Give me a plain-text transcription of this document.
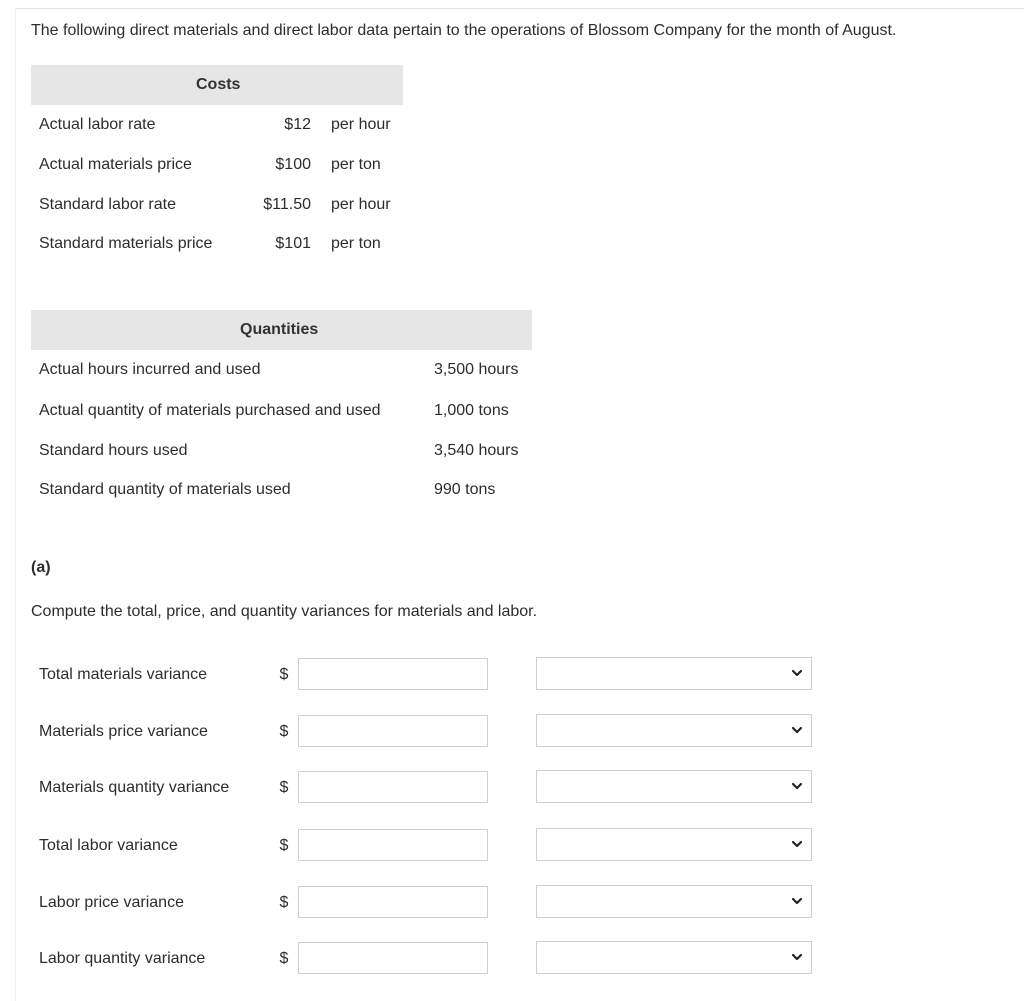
The following direct materials and direct labor data pertain to the operations of Blossom Company for the month of August.
Costs
Actual labor rate	$12 per hour
Actual materials price	$100 per ton
Standard labor rate	$11.50 per hour
Standard materials price	$101 per ton
Quantities
Actual hours incurred and used	3,500 hours
Actual quantity of materials purchased and used	1,000 tons
Standard hours used	3,540 hours
Standard quantity of materials used	990 tons
(a)
Compute the total, price, and quantity variances for materials and labor.
Total materials variance	$
Materials price variance	$
Materials quantity variance	$
Total labor variance	$
Labor price variance	$
Labor quantity variance	$
